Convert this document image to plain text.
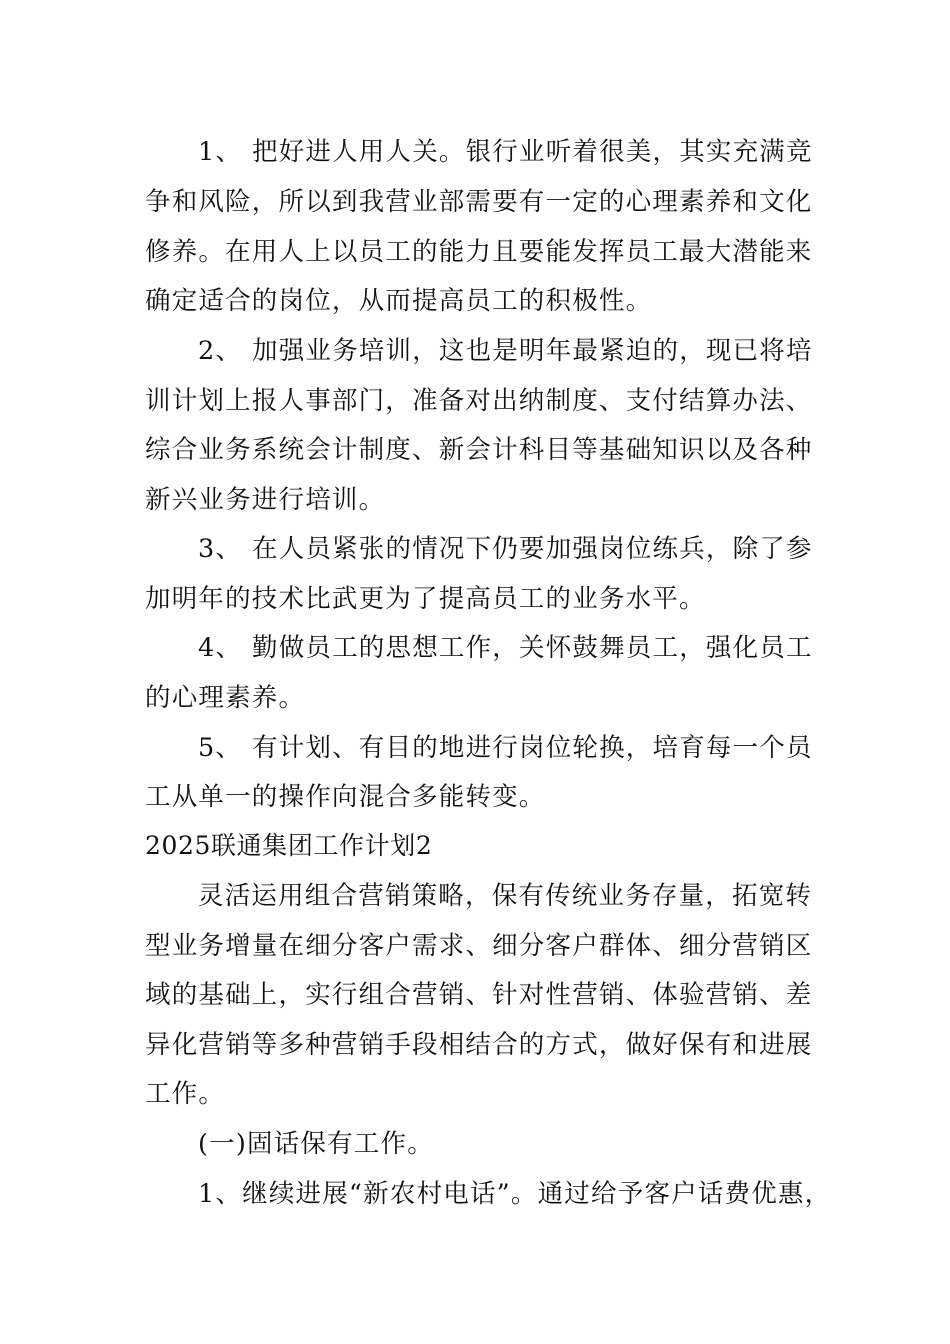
1、 把好进人用人关。银行业听着很美，其实充满竞
争和风险，所以到我营业部需要有一定的心理素养和文化
修养。在用人上以员工的能力且要能发挥员工最大潜能来
确定适合的岗位，从而提高员工的积极性。
2、 加强业务培训，这也是明年最紧迫的，现已将培
训计划上报人事部门，准备对出纳制度、支付结算办法、
综合业务系统会计制度、新会计科目等基础知识以及各种
新兴业务进行培训。
3、 在人员紧张的情况下仍要加强岗位练兵，除了参
加明年的技术比武更为了提高员工的业务水平。
4、 勤做员工的思想工作，关怀鼓舞员工，强化员工
的心理素养。
5、 有计划、有目的地进行岗位轮换，培育每一个员
工从单一的操作向混合多能转变。
2025联通集团工作计划2
灵活运用组合营销策略，保有传统业务存量，拓宽转
型业务增量在细分客户需求、细分客户群体、细分营销区
域的基础上，实行组合营销、针对性营销、体验营销、差
异化营销等多种营销手段相结合的方式，做好保有和进展
工作。
(一)固话保有工作。
1、继续进展“新农村电话”。通过给予客户话费优惠，
